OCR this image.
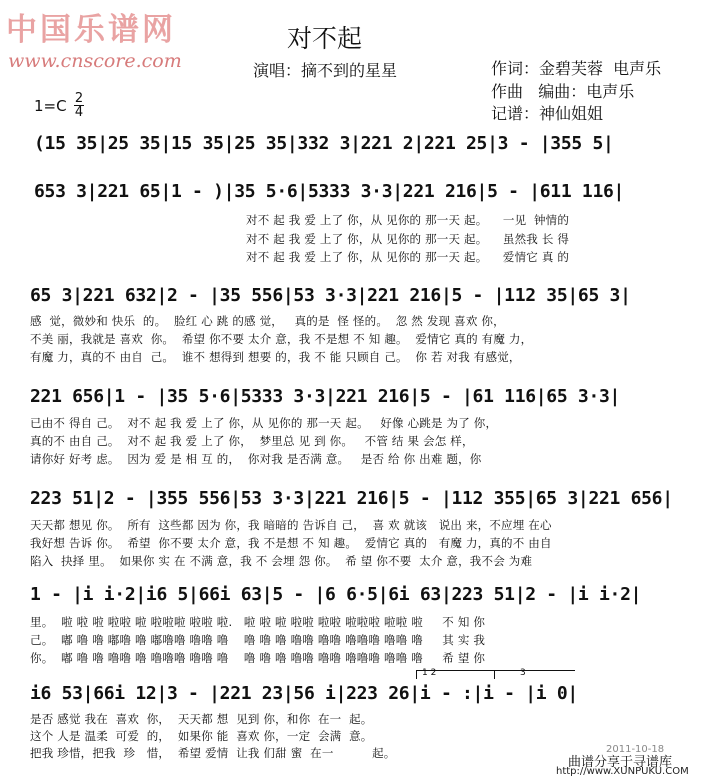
中国乐谱网
www.cnscore.com
对不起
演唱：摘不到的星星	作词：金碧芙蓉  电声乐
作曲   编曲：电声乐
记谱：神仙姐姐
1=C 2
4
(15 35|25 35|15 35|25 35|332 3|221 2|221 25|3 - |355 5|
653 3|221 65|1 - )|35 5·6|5333 3·3|221 216|5 - |611 116|
对不 起 我 爱 上了 你，从 见你的 那一天 起。    一见  钟情的
对不 起 我 爱 上了 你，从 见你的 那一天 起。    虽然我 长 得
对不 起 我 爱 上了 你，从 见你的 那一天 起。    爱情它 真 的
65 3|221 632|2 - |35 556|53 3·3|221 216|5 - |112 35|65 3|
感  觉，微妙和 快乐  的。  脸红 心 跳 的感 觉，   真的是  怪 怪的。  忽 然 发现 喜欢 你，
不美 丽，我就是 喜欢  你。  希望 你不要 太介 意，我 不是想 不 知 趣。  爱情它 真的 有魔 力，
有魔 力，真的不 由自  己。  谁不 想得到 想要 的，我 不 能 只顾自 己。  你 若 对我 有感觉，
221 656|1 - |35 5·6|5333 3·3|221 216|5 - |61 116|65 3·3|
已由不 得自 己。  对不 起 我 爱 上了 你，从 见你的 那一天 起。   好像 心跳是 为了 你，
真的不 由自 己。  对不 起 我 爱 上了 你，  梦里总 见 到 你。   不管 结 果 会怎 样，
请你好 好考 虑。  因为 爱 是 相 互 的，  你对我 是否满 意。   是否 给 你 出难 题，你
223 51|2 - |355 556|53 3·3|221 216|5 - |112 355|65 3|221 656|
天天都 想见 你。  所有  这些都 因为 你，我 暗暗的 告诉自 己，  喜 欢 就该   说出 来，不应埋 在心
我好想 告诉 你。  希望  你不要 太介 意，我 不是想 不 知 趣。  爱情它 真的   有魔 力，真的不 由自
陷入  抉择 里。  如果你 实 在 不满 意，我 不 会埋 怨 你。  希 望 你不要  太介 意，我不会 为难
1 - |i i·2|i6 5|66i 63|5 - |6 6·5|6i 63|223 51|2 - |i i·2|
里。  啦 啦 啦 啦啦 啦 啦啦啦 啦啦 啦.   啦 啦 啦 啦啦 啦啦 啦啦啦 啦啦 啦     不 知 你
己。  嘟 噜 噜 嘟噜 噜 嘟噜噜 噜噜 噜    噜 噜 噜 噜噜 噜噜 噜噜噜 噜噜 噜     其 实 我
你。  嘟 噜 噜 噜噜 噜 噜噜噜 噜噜 噜    噜 噜 噜 噜噜 噜噜 噜噜噜 噜噜 噜     希 望 你
1 2	3
i6 53|66i 12|3 - |221 23|56 i|223 26|i - :|i - |i 0|
是否 感觉 我在  喜欢  你，  天天都 想  见到 你，和你  在一  起。
这个 人是 温柔  可爱  的，  如果你 能  喜欢 你，一定  会满  意。
把我 珍惜，把我  珍   惜，  希望 爱情  让我 们甜 蜜  在一          起。	2011-10-18
曲谱分享于寻谱库
http://www.XUNPUKU.COM
